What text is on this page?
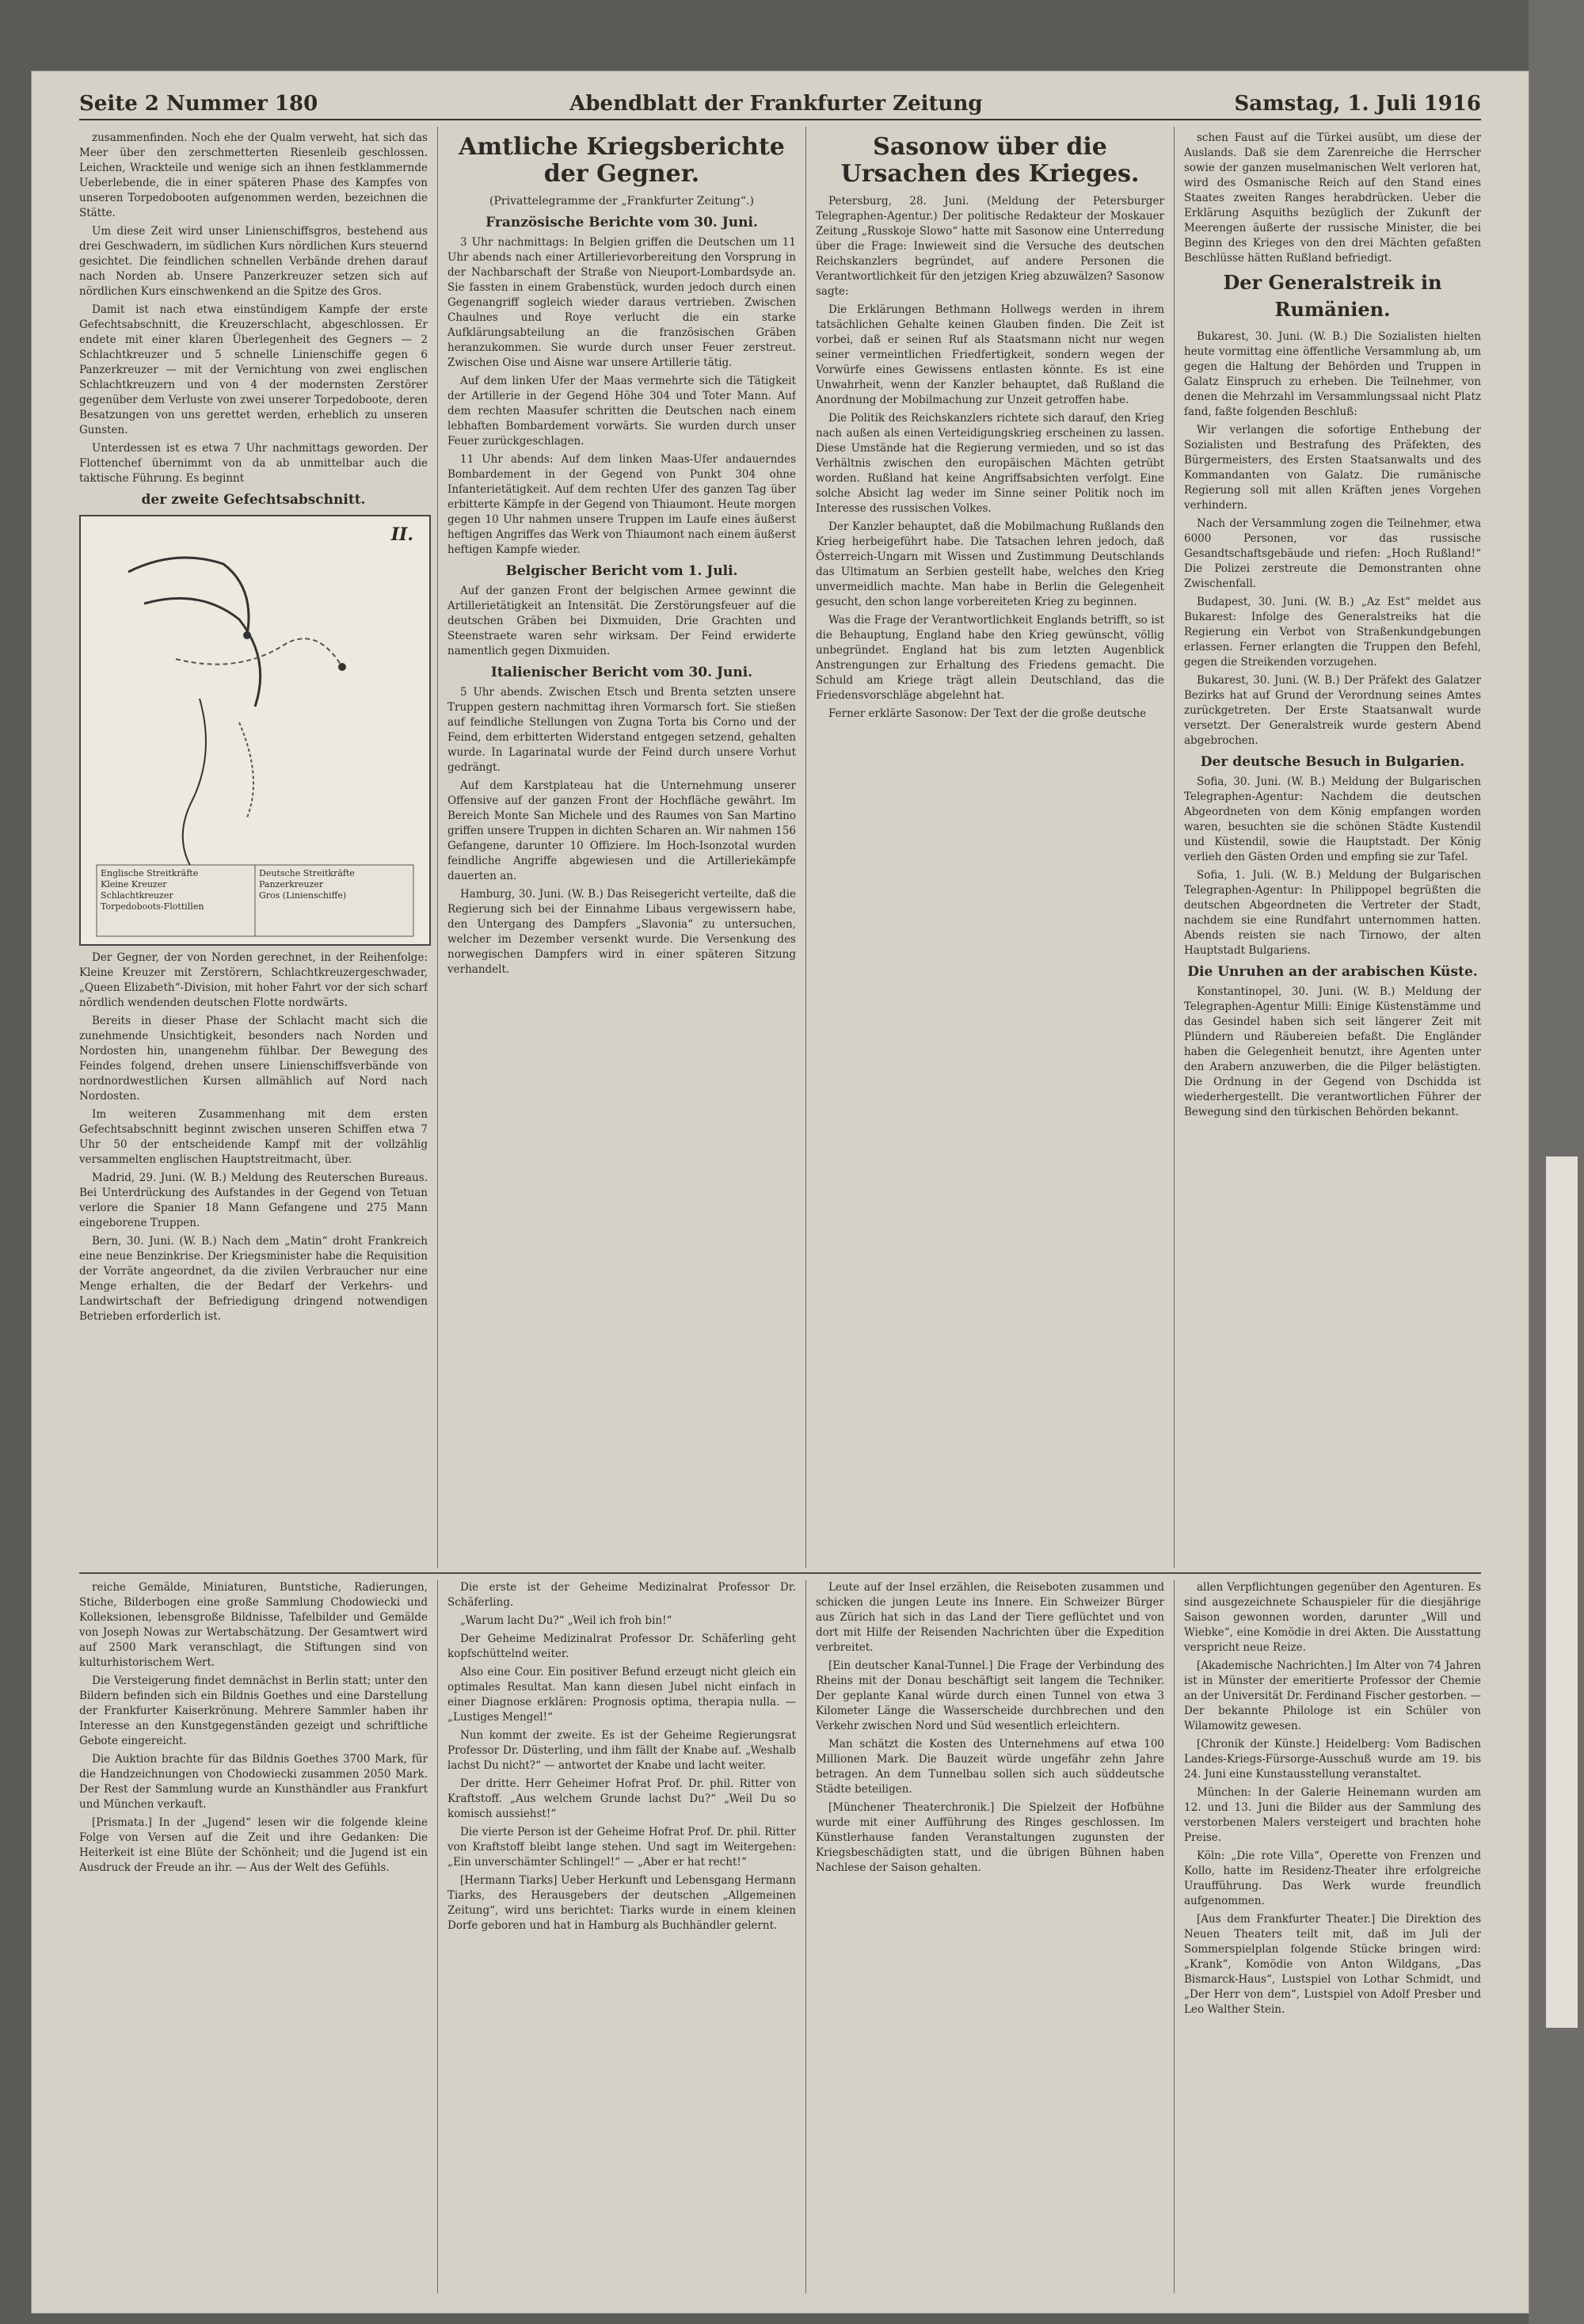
Seite 2 Nummer 180	Abendblatt der Frankfurter Zeitung	Samstag, 1. Juli 1916

zusammenfinden. Noch ehe der Qualm verweht, hat sich das Meer über den zerschmetterten Riesenleib geschlossen. Leichen, Wrackteile und wenige sich an ihnen festklammernde Ueberlebende, die in einer späteren Phase des Kampfes von unseren Torpedobooten aufgenommen werden, bezeichnen die Stätte.

Um diese Zeit wird unser Linienschiffsgros, bestehend aus drei Geschwadern, im südlichen Kurs nördlichen Kurs steuernd gesichtet. Die feindlichen schnellen Verbände drehen darauf nach Norden ab. Unsere Panzerkreuzer setzen sich auf nördlichen Kurs einschwenkend an die Spitze des Gros.

Damit ist nach etwa einstündigem Kampfe der erste Gefechtsabschnitt, die Kreuzerschlacht, abgeschlossen. Er endete mit einer klaren Überlegenheit des Gegners — 2 Schlachtkreuzer und 5 schnelle Linienschiffe gegen 6 Panzerkreuzer — mit der Vernichtung von zwei englischen Schlachtkreuzern und von 4 der modernsten Zerstörer gegenüber dem Verluste von zwei unserer Torpedoboote, deren Besatzungen von uns gerettet werden, erheblich zu unseren Gunsten.

Unterdessen ist es etwa 7 Uhr nachmittags geworden. Der Flottenchef übernimmt von da ab unmittelbar auch die taktische Führung. Es beginnt

der zweite Gefechtsabschnitt.
II.
Englische Streitkräfte	Deutsche Streitkräfte
Kleine Kreuzer	Panzerkreuzer
Schlachtkreuzer	Gros (Linienschiffe)
Torpedoboots-Flottillen

Der Gegner, der von Norden gerechnet, in der Reihenfolge: Kleine Kreuzer mit Zerstörern, Schlachtkreuzergeschwader, „Queen Elizabeth“-Division, mit hoher Fahrt vor der sich scharf nördlich wendenden deutschen Flotte nordwärts.

Bereits in dieser Phase der Schlacht macht sich die zunehmende Unsichtigkeit, besonders nach Norden und Nordosten hin, unangenehm fühlbar. Der Bewegung des Feindes folgend, drehen unsere Linienschiffsverbände von nordnordwestlichen Kursen allmählich auf Nord nach Nordosten.

Im weiteren Zusammenhang mit dem ersten Gefechtsabschnitt beginnt zwischen unseren Schiffen etwa 7 Uhr 50 der entscheidende Kampf mit der vollzählig versammelten englischen Hauptstreitmacht, über.

Madrid, 29. Juni. (W. B.) Meldung des Reuterschen Bureaus. Bei Unterdrückung des Aufstandes in der Gegend von Tetuan verlore die Spanier 18 Mann Gefangene und 275 Mann eingeborene Truppen.

Bern, 30. Juni. (W. B.) Nach dem „Matin“ droht Frankreich eine neue Benzinkrise. Der Kriegsminister habe die Requisition der Vorräte angeordnet, da die zivilen Verbraucher nur eine Menge erhalten, die der Bedarf der Verkehrs- und Landwirtschaft der Befriedigung dringend notwendigen Betrieben erforderlich ist.

Amtliche Kriegsberichte der Gegner.
(Privattelegramme der „Frankfurter Zeitung“.)
Französische Berichte vom 30. Juni.

3 Uhr nachmittags: In Belgien griffen die Deutschen um 11 Uhr abends nach einer Artillerievorbereitung den Vorsprung in der Nachbarschaft der Straße von Nieuport-Lombardsyde an. Sie fassten in einem Grabenstück, wurden jedoch durch einen Gegenangriff sogleich wieder daraus vertrieben. Zwischen Chaulnes und Roye verlucht die ein starke Aufklärungsabteilung an die französischen Gräben heranzukommen. Sie wurde durch unser Feuer zerstreut. Zwischen Oise und Aisne war unsere Artillerie tätig.

Auf dem linken Ufer der Maas vermehrte sich die Tätigkeit der Artillerie in der Gegend Höhe 304 und Toter Mann. Auf dem rechten Maasufer schritten die Deutschen nach einem lebhaften Bombardement vorwärts. Sie wurden durch unser Feuer zurückgeschlagen.

11 Uhr abends: Auf dem linken Maas-Ufer andauerndes Bombardement in der Gegend von Punkt 304 ohne Infanterietätigkeit. Auf dem rechten Ufer des ganzen Tag über erbitterte Kämpfe in der Gegend von Thiaumont. Heute morgen gegen 10 Uhr nahmen unsere Truppen im Laufe eines äußerst heftigen Angriffes das Werk von Thiaumont nach einem äußerst heftigen Kampfe wieder.

Belgischer Bericht vom 1. Juli.

Auf der ganzen Front der belgischen Armee gewinnt die Artillerietätigkeit an Intensität. Die Zerstörungsfeuer auf die deutschen Gräben bei Dixmuiden, Drie Grachten und Steenstraete waren sehr wirksam. Der Feind erwiderte namentlich gegen Dixmuiden.

Italienischer Bericht vom 30. Juni.

5 Uhr abends. Zwischen Etsch und Brenta setzten unsere Truppen gestern nachmittag ihren Vormarsch fort. Sie stießen auf feindliche Stellungen von Zugna Torta bis Corno und der Feind, dem erbitterten Widerstand entgegen setzend, gehalten wurde. In Lagarinatal wurde der Feind durch unsere Vorhut gedrängt.

Auf dem Karstplateau hat die Unternehmung unserer Offensive auf der ganzen Front der Hochfläche gewährt. Im Bereich Monte San Michele und des Raumes von San Martino griffen unsere Truppen in dichten Scharen an. Wir nahmen 156 Gefangene, darunter 10 Offiziere. Im Hoch-Isonzotal wurden feindliche Angriffe abgewiesen und die Artilleriekämpfe dauerten an.

Hamburg, 30. Juni. (W. B.) Das Reisegericht verteilte, daß die Regierung sich bei der Einnahme Libaus vergewissern habe, den Untergang des Dampfers „Slavonia“ zu untersuchen, welcher im Dezember versenkt wurde. Die Versenkung des norwegischen Dampfers wird in einer späteren Sitzung verhandelt.

Sasonow über die Ursachen des Krieges.

Petersburg, 28. Juni. (Meldung der Petersburger Telegraphen-Agentur.) Der politische Redakteur der Moskauer Zeitung „Russkoje Slowo“ hatte mit Sasonow eine Unterredung über die Frage: Inwieweit sind die Versuche des deutschen Reichskanzlers begründet, auf andere Personen die Verantwortlichkeit für den jetzigen Krieg abzuwälzen? Sasonow sagte:

Die Erklärungen Bethmann Hollwegs werden in ihrem tatsächlichen Gehalte keinen Glauben finden. Die Zeit ist vorbei, daß er seinen Ruf als Staatsmann nicht nur wegen seiner vermeintlichen Friedfertigkeit, sondern wegen der Vorwürfe eines Gewissens entlasten könnte. Es ist eine Unwahrheit, wenn der Kanzler behauptet, daß Rußland die Anordnung der Mobilmachung zur Unzeit getroffen habe.

Die Politik des Reichskanzlers richtete sich darauf, den Krieg nach außen als einen Verteidigungskrieg erscheinen zu lassen. Diese Umstände hat die Regierung vermieden, und so ist das Verhältnis zwischen den europäischen Mächten getrübt worden. Rußland hat keine Angriffsabsichten verfolgt. Eine solche Absicht lag weder im Sinne seiner Politik noch im Interesse des russischen Volkes.

Der Kanzler behauptet, daß die Mobilmachung Rußlands den Krieg herbeigeführt habe. Die Tatsachen lehren jedoch, daß Österreich-Ungarn mit Wissen und Zustimmung Deutschlands das Ultimatum an Serbien gestellt habe, welches den Krieg unvermeidlich machte. Man habe in Berlin die Gelegenheit gesucht, den schon lange vorbereiteten Krieg zu beginnen.

Was die Frage der Verantwortlichkeit Englands betrifft, so ist die Behauptung, England habe den Krieg gewünscht, völlig unbegründet. England hat bis zum letzten Augenblick Anstrengungen zur Erhaltung des Friedens gemacht. Die Schuld am Kriege trägt allein Deutschland, das die Friedensvorschläge abgelehnt hat.

Ferner erklärte Sasonow: Der Text der die große deutsche

schen Faust auf die Türkei ausübt, um diese der Auslands. Daß sie dem Zarenreiche die Herrscher sowie der ganzen muselmanischen Welt verloren hat, wird des Osmanische Reich auf den Stand eines Staates zweiten Ranges herabdrücken. Ueber die Erklärung Asquiths bezüglich der Zukunft der Meerengen äußerte der russische Minister, die bei Beginn des Krieges von den drei Mächten gefaßten Beschlüsse hätten Rußland befriedigt.

Der Generalstreik in Rumänien.

Bukarest, 30. Juni. (W. B.) Die Sozialisten hielten heute vormittag eine öffentliche Versammlung ab, um gegen die Haltung der Behörden und Truppen in Galatz Einspruch zu erheben. Die Teilnehmer, von denen die Mehrzahl im Versammlungssaal nicht Platz fand, faßte folgenden Beschluß:

Wir verlangen die sofortige Enthebung der Sozialisten und Bestrafung des Präfekten, des Bürgermeisters, des Ersten Staatsanwalts und des Kommandanten von Galatz. Die rumänische Regierung soll mit allen Kräften jenes Vorgehen verhindern.

Nach der Versammlung zogen die Teilnehmer, etwa 6000 Personen, vor das russische Gesandtschaftsgebäude und riefen: „Hoch Rußland!“ Die Polizei zerstreute die Demonstranten ohne Zwischenfall.

Budapest, 30. Juni. (W. B.) „Az Est“ meldet aus Bukarest: Infolge des Generalstreiks hat die Regierung ein Verbot von Straßenkundgebungen erlassen. Ferner erlangten die Truppen den Befehl, gegen die Streikenden vorzugehen.

Bukarest, 30. Juni. (W. B.) Der Präfekt des Galatzer Bezirks hat auf Grund der Verordnung seines Amtes zurückgetreten. Der Erste Staatsanwalt wurde versetzt. Der Generalstreik wurde gestern Abend abgebrochen.

Der deutsche Besuch in Bulgarien.

Sofia, 30. Juni. (W. B.) Meldung der Bulgarischen Telegraphen-Agentur: Nachdem die deutschen Abgeordneten von dem König empfangen worden waren, besuchten sie die schönen Städte Kustendil und Küstendil, sowie die Hauptstadt. Der König verlieh den Gästen Orden und empfing sie zur Tafel.

Sofia, 1. Juli. (W. B.) Meldung der Bulgarischen Telegraphen-Agentur: In Philippopel begrüßten die deutschen Abgeordneten die Vertreter der Stadt, nachdem sie eine Rundfahrt unternommen hatten. Abends reisten sie nach Tirnowo, der alten Hauptstadt Bulgariens.

Die Unruhen an der arabischen Küste.

Konstantinopel, 30. Juni. (W. B.) Meldung der Telegraphen-Agentur Milli: Einige Küstenstämme und das Gesindel haben sich seit längerer Zeit mit Plündern und Räubereien befaßt. Die Engländer haben die Gelegenheit benutzt, ihre Agenten unter den Arabern anzuwerben, die die Pilger belästigten. Die Ordnung in der Gegend von Dschidda ist wiederhergestellt. Die verantwortlichen Führer der Bewegung sind den türkischen Behörden bekannt.

reiche Gemälde, Miniaturen, Buntstiche, Radierungen, Stiche, Bilderbogen eine große Sammlung Chodowiecki und Kolleksionen, lebensgroße Bildnisse, Tafelbilder und Gemälde von Joseph Nowas zur Wertabschätzung. Der Gesamtwert wird auf 2500 Mark veranschlagt, die Stiftungen sind von kulturhistorischem Wert.

Die Versteigerung findet demnächst in Berlin statt; unter den Bildern befinden sich ein Bildnis Goethes und eine Darstellung der Frankfurter Kaiserkrönung. Mehrere Sammler haben ihr Interesse an den Kunstgegenständen gezeigt und schriftliche Gebote eingereicht.

Die Auktion brachte für das Bildnis Goethes 3700 Mark, für die Handzeichnungen von Chodowiecki zusammen 2050 Mark. Der Rest der Sammlung wurde an Kunsthändler aus Frankfurt und München verkauft.

[Prismata.] In der „Jugend“ lesen wir die folgende kleine Folge von Versen auf die Zeit und ihre Gedanken: Die Heiterkeit ist eine Blüte der Schönheit; und die Jugend ist ein Ausdruck der Freude an ihr. — Aus der Welt des Gefühls.

Die erste ist der Geheime Medizinalrat Professor Dr. Schäferling.

„Warum lacht Du?“ „Weil ich froh bin!“

Der Geheime Medizinalrat Professor Dr. Schäferling geht kopfschüttelnd weiter.

Also eine Cour. Ein positiver Befund erzeugt nicht gleich ein optimales Resultat. Man kann diesen Jubel nicht einfach in einer Diagnose erklären: Prognosis optima, therapia nulla. — „Lustiges Mengel!“

Nun kommt der zweite. Es ist der Geheime Regierungsrat Professor Dr. Düsterling, und ihm fällt der Knabe auf. „Weshalb lachst Du nicht?“ — antwortet der Knabe und lacht weiter.

Der dritte. Herr Geheimer Hofrat Prof. Dr. phil. Ritter von Kraftstoff. „Aus welchem Grunde lachst Du?“ „Weil Du so komisch aussiehst!“

Die vierte Person ist der Geheime Hofrat Prof. Dr. phil. Ritter von Kraftstoff bleibt lange stehen. Und sagt im Weitergehen: „Ein unverschämter Schlingel!“ — „Aber er hat recht!“

[Hermann Tiarks] Ueber Herkunft und Lebensgang Hermann Tiarks, des Herausgebers der deutschen „Allgemeinen Zeitung“, wird uns berichtet: Tiarks wurde in einem kleinen Dorfe geboren und hat in Hamburg als Buchhändler gelernt.

Leute auf der Insel erzählen, die Reiseboten zusammen und schicken die jungen Leute ins Innere. Ein Schweizer Bürger aus Zürich hat sich in das Land der Tiere geflüchtet und von dort mit Hilfe der Reisenden Nachrichten über die Expedition verbreitet.

[Ein deutscher Kanal-Tunnel.] Die Frage der Verbindung des Rheins mit der Donau beschäftigt seit langem die Techniker. Der geplante Kanal würde durch einen Tunnel von etwa 3 Kilometer Länge die Wasserscheide durchbrechen und den Verkehr zwischen Nord und Süd wesentlich erleichtern.

Man schätzt die Kosten des Unternehmens auf etwa 100 Millionen Mark. Die Bauzeit würde ungefähr zehn Jahre betragen. An dem Tunnelbau sollen sich auch süddeutsche Städte beteiligen.

[Münchener Theaterchronik.] Die Spielzeit der Hofbühne wurde mit einer Aufführung des Ringes geschlossen. Im Künstlerhause fanden Veranstaltungen zugunsten der Kriegsbeschädigten statt, und die übrigen Bühnen haben Nachlese der Saison gehalten.

allen Verpflichtungen gegenüber den Agenturen. Es sind ausgezeichnete Schauspieler für die diesjährige Saison gewonnen worden, darunter „Will und Wiebke“, eine Komödie in drei Akten. Die Ausstattung verspricht neue Reize.

[Akademische Nachrichten.] Im Alter von 74 Jahren ist in Münster der emeritierte Professor der Chemie an der Universität Dr. Ferdinand Fischer gestorben. — Der bekannte Philologe ist ein Schüler von Wilamowitz gewesen.

[Chronik der Künste.] Heidelberg: Vom Badischen Landes-Kriegs-Fürsorge-Ausschuß wurde am 19. bis 24. Juni eine Kunstausstellung veranstaltet.

München: In der Galerie Heinemann wurden am 12. und 13. Juni die Bilder aus der Sammlung des verstorbenen Malers versteigert und brachten hohe Preise.

Köln: „Die rote Villa“, Operette von Frenzen und Kollo, hatte im Residenz-Theater ihre erfolgreiche Uraufführung. Das Werk wurde freundlich aufgenommen.

[Aus dem Frankfurter Theater.] Die Direktion des Neuen Theaters teilt mit, daß im Juli der Sommerspielplan folgende Stücke bringen wird: „Krank“, Komödie von Anton Wildgans, „Das Bismarck-Haus“, Lustspiel von Lothar Schmidt, und „Der Herr von dem“, Lustspiel von Adolf Presber und Leo Walther Stein.
